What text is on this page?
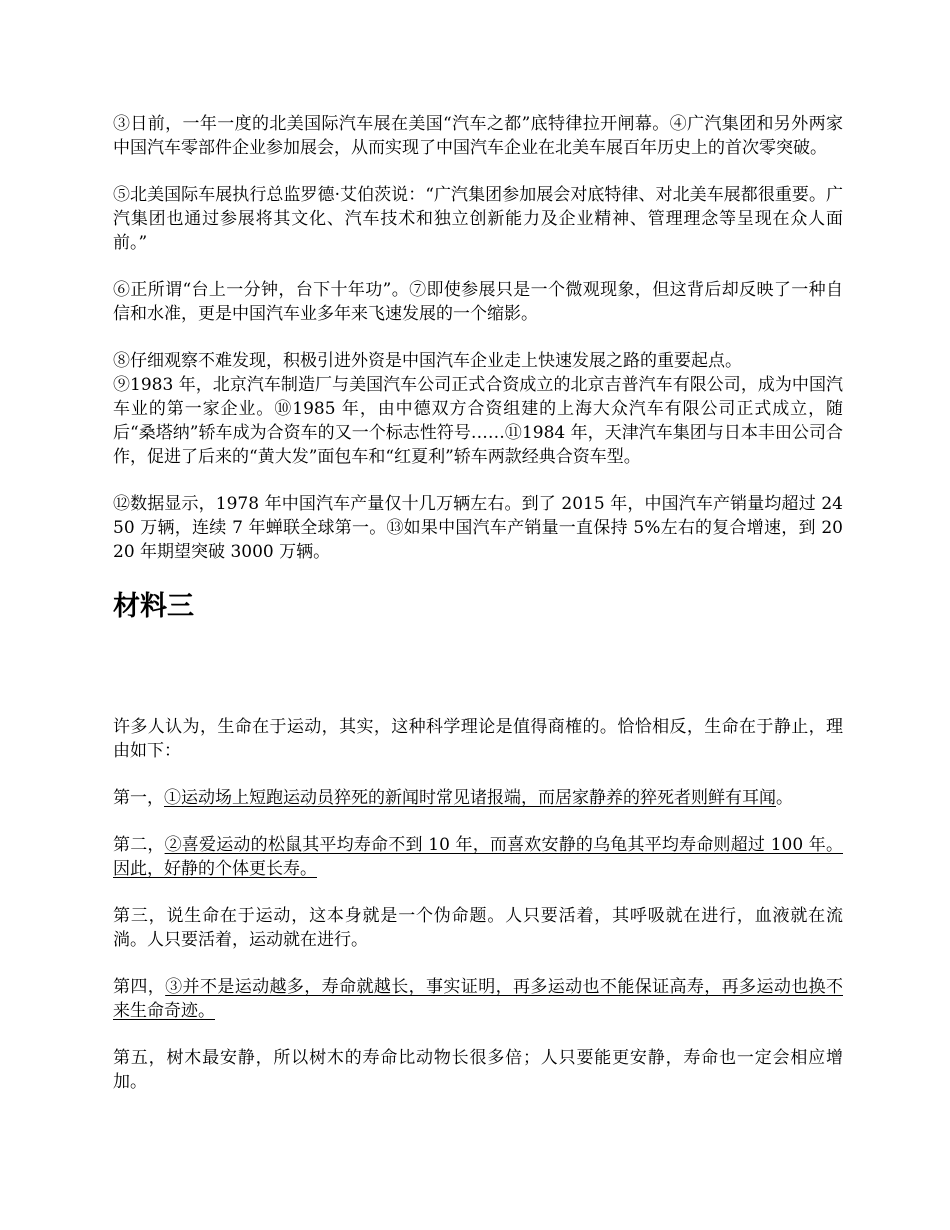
③日前，一年一度的北美国际汽车展在美国“汽车之都”底特律拉开闸幕。④广汽集团和另外两家中国汽车零部件企业参加展会，从而实现了中国汽车企业在北美车展百年历史上的首次零突破。

⑤北美国际车展执行总监罗德·艾伯茨说：“广汽集团参加展会对底特律、对北美车展都很重要。广汽集团也通过参展将其文化、汽车技术和独立创新能力及企业精神、管理理念等呈现在众人面前。”

⑥正所谓“台上一分钟，台下十年功”。⑦即使参展只是一个微观现象，但这背后却反映了一种自信和水准，更是中国汽车业多年来飞速发展的一个缩影。

⑧仔细观察不难发现，积极引进外资是中国汽车企业走上快速发展之路的重要起点。

⑨1983 年，北京汽车制造厂与美国汽车公司正式合资成立的北京吉普汽车有限公司，成为中国汽车业的第一家企业。⑩1985 年，由中德双方合资组建的上海大众汽车有限公司正式成立，随后“桑塔纳”轿车成为合资车的又一个标志性符号……⑪1984 年，天津汽车集团与日本丰田公司合作，促进了后来的“黄大发”面包车和“红夏利”轿车两款经典合资车型。

⑫数据显示，1978 年中国汽车产量仅十几万辆左右。到了 2015 年，中国汽车产销量均超过 2450 万辆，连续 7 年蝉联全球第一。⑬如果中国汽车产销量一直保持 5%左右的复合增速，到 2020 年期望突破 3000 万辆。

材料三

许多人认为，生命在于运动，其实，这种科学理论是值得商榷的。恰恰相反，生命在于静止，理由如下：

第一，①运动场上短跑运动员猝死的新闻时常见诸报端，而居家静养的猝死者则鲜有耳闻。

第二，②喜爱运动的松鼠其平均寿命不到 10 年，而喜欢安静的乌龟其平均寿命则超过 100 年。因此，好静的个体更长寿。

第三，说生命在于运动，这本身就是一个伪命题。人只要活着，其呼吸就在进行，血液就在流淌。人只要活着，运动就在进行。

第四，③并不是运动越多，寿命就越长，事实证明，再多运动也不能保证高寿，再多运动也换不来生命奇迹。

第五，树木最安静，所以树木的寿命比动物长很多倍；人只要能更安静，寿命也一定会相应增加。
